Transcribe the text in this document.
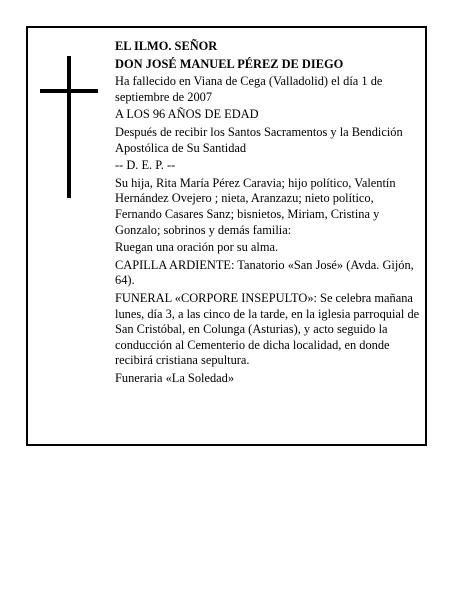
EL ILMO. SEÑOR

DON JOSÉ MANUEL PÉREZ DE DIEGO

Ha fallecido en Viana de Cega (Valladolid) el día 1 de septiembre de 2007

A LOS 96 AÑOS DE EDAD

Después de recibir los Santos Sacramentos y la Bendición Apostólica de Su Santidad

-- D. E. P. --

Su hija, Rita María Pérez Caravia; hijo político, Valentín Hernández Ovejero ; nieta, Aranzazu; nieto político, Fernando Casares Sanz; bisnietos, Miriam, Cristina y Gonzalo; sobrinos y demás familia:

Ruegan una oración por su alma.

CAPILLA ARDIENTE: Tanatorio «San José» (Avda. Gijón, 64).

FUNERAL «CORPORE INSEPULTO»: Se celebra mañana lunes, día 3, a las cinco de la tarde, en la iglesia parroquial de San Cristóbal, en Colunga (Asturias), y acto seguido la conducción al Cementerio de dicha localidad, en donde recibirá cristiana sepultura.

Funeraria «La Soledad»
